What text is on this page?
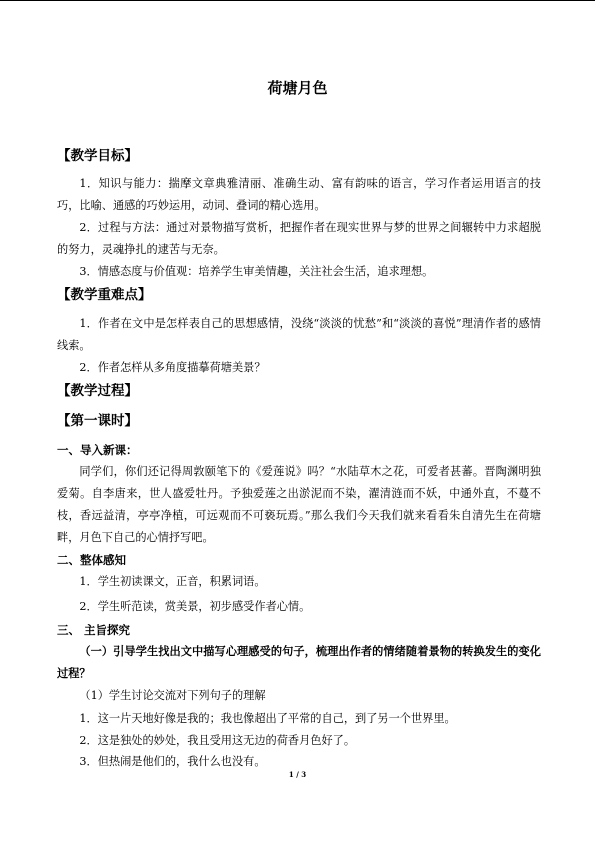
荷塘月色
【教学目标】
1．知识与能力：揣摩文章典雅清丽、准确生动、富有韵味的语言，学习作者运用语言的技巧，比喻、通感的巧妙运用，动词、叠词的精心选用。
2．过程与方法：通过对景物描写赏析，把握作者在现实世界与梦的世界之间辗转中力求超脱的努力，灵魂挣扎的逮苦与无奈。
3．情感态度与价值观：培养学生审美情趣，关注社会生活，追求理想。
【教学重难点】
1．作者在文中是怎样表自己的思想感情，没绕“淡淡的忧愁”和“淡淡的喜悦”理清作者的感情线索。
2．作者怎样从多角度描摹荷塘美景？
【教学过程】
【第一课时】
一、导入新课：
同学们，你们还记得周敦颐笔下的《爱莲说》吗？“水陆草木之花，可爱者甚蕃。晋陶渊明独爱菊。自李唐来，世人盛爱牡丹。予独爱莲之出淤泥而不染，濯清涟而不妖，中通外直，不蔓不枝，香远益清，亭亭净植，可远观而不可亵玩焉。”那么我们今天我们就来看看朱自清先生在荷塘畔，月色下自己的心情抒写吧。
二、整体感知
1．学生初读课文，正音，积累词语。
2．学生听范读，赏美景，初步感受作者心情。
三、 主旨探究
（一）引导学生找出文中描写心理感受的句子，梳理出作者的情绪随着景物的转换发生的变化过程？
（1）学生讨论交流对下列句子的理解
1．这一片天地好像是我的；我也像超出了平常的自己，到了另一个世界里。
2．这是独处的妙处，我且受用这无边的荷香月色好了。
3．但热闹是他们的，我什么也没有。
1 / 3
